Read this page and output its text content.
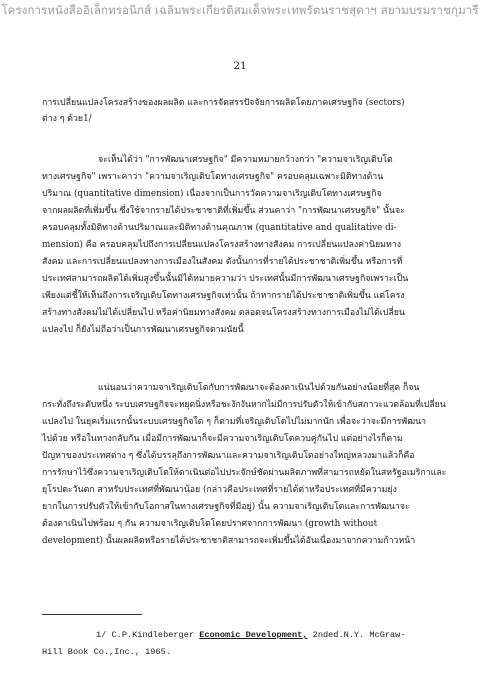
โครงการหนังสืออิเล็กทรอนิกส์ เฉลิมพระเกียรติสมเด็จพระเทพรัตนราชสุดาฯ สยามบรมราชกุมารี
21
การเปลี่ยนแปลงโครงสร้างของผลผลิต และการจัดสรรปัจจัยการผลิตโดยภาคเศรษฐกิจ (sectors)
ต่าง ๆ ด้วย1/
จะเห็นได้ว่า "การพัฒนาเศรษฐกิจ" มีความหมายกว้างกว่า "ความจาเริญเติบโต
ทางเศรษฐกิจ" เพราะคาว่า "ความจาเริญเติบโตทางเศรษฐกิจ" ครอบคลุมเฉพาะมิติทางด้าน
ปริมาณ (quantitative dimension) เนื่องจากเป็นการวัดความจาเริญเติบโตทางเศรษฐกิจ
จากผลผลิตที่เพิ่มขึ้น ซึ่งใช้จากรายได้ประชาชาติที่เพิ่มขึ้น ส่วนคาว่า "การพัฒนาเศรษฐกิจ" นั้นจะ
ครอบคลุมทั้งมิติทางด้านปริมาณและมิติทางด้านคุณภาพ (quantitative and qualitative di-
mension) คือ ครอบคลุมไปถึงการเปลี่ยนแปลงโครงสร้างทางสังคม การเปลี่ยนแปลงค่านิยมทาง
สังคม และการเปลี่ยนแปลงทางการเมืองในสังคม ดังนั้นการที่รายได้ประชาชาติเพิ่มขึ้น หรือการที่
ประเทศสามารถผลิตได้เพิ่มสูงขึ้นนั้นมิได้หมายความว่า ประเทศนั้นมีการพัฒนาเศรษฐกิจเพราะเป็น
เพียงแต่ชี้ให้เห็นถึงการเจริญเติบโตทางเศรษฐกิจเท่านั้น ถ้าหากรายได้ประชาชาติเพิ่มขึ้น แต่โครง
สร้างทางสังคมไม่ได้เปลี่ยนไป หรือค่านิยมทางสังคม ตลอดจนโครงสร้างทางการเมืองไม่ได้เปลี่ยน
แปลงไป ก็ยังไม่ถือว่าเป็นการพัฒนาเศรษฐกิจตามนัยนี้
แน่นอนว่าความจาเริญเติบโตกับการพัฒนาจะต้องดาเนินไปด้วยกันอย่างน้อยที่สุด ก็จน
กระทั่งถึงระดับหนึ่ง ระบบเศรษฐกิจจะหยุดนิ่งหรือชะงักงันหากไม่มีการปรับตัวให้เข้ากับสภาวะแวดล้อมที่เปลี่ยน
แปลงไป ในยุคเริ่มแรกนั้นระบบเศรษฐกิจใด ๆ ก็ตามที่เจริญเติบโตไปไม่มากนัก เพื่อจะว่าจะมีการพัฒนา
ไปด้วย หรือในทางกลับกัน เมื่อมีการพัฒนาก็จะมีความจาเริญเติบโตควบคู่กันไป แต่อย่างไรก็ตาม
ปัญหาของประเทศต่าง ๆ ซึ่งได้บรรลุถึงการพัฒนาและความจาเริญเติบโตอย่างใหญ่หลวงมาแล้วก็คือ
การรักษาไว้ซึ่งความจาเริญเติบโตให้ดาเนินต่อไปประจักษ์ชัดผ่านผลิตภาพที่สามารถหยัดในสหรัฐอเมริกาและ
ยุโรปตะวันตก สาหรับประเทศที่พัฒนาน้อย (กล่าวคือประเทศที่รายได้ต่าหรือประเทศที่มีความยุ่ง
ยากในการปรับตัวให้เข้ากับโอกาสในทางเศรษฐกิจที่มีอยู่) นั้น ความจาเริญเติบโตและการพัฒนาจะ
ต้องดาเนินไปพร้อม ๆ กัน ความจาเริญเติบโตโดยปราศจากการพัฒนา (growth without
development) นั้นผลผลิตหรือรายได้ประชาชาติสามารถจะเพิ่มขึ้นได้อันเนื่องมาจากความก้าวหน้า
1/ C.P.Kindleberger Economic Development, 2nded.N.Y. McGraw-
Hill Book Co.,Inc., 1965.
